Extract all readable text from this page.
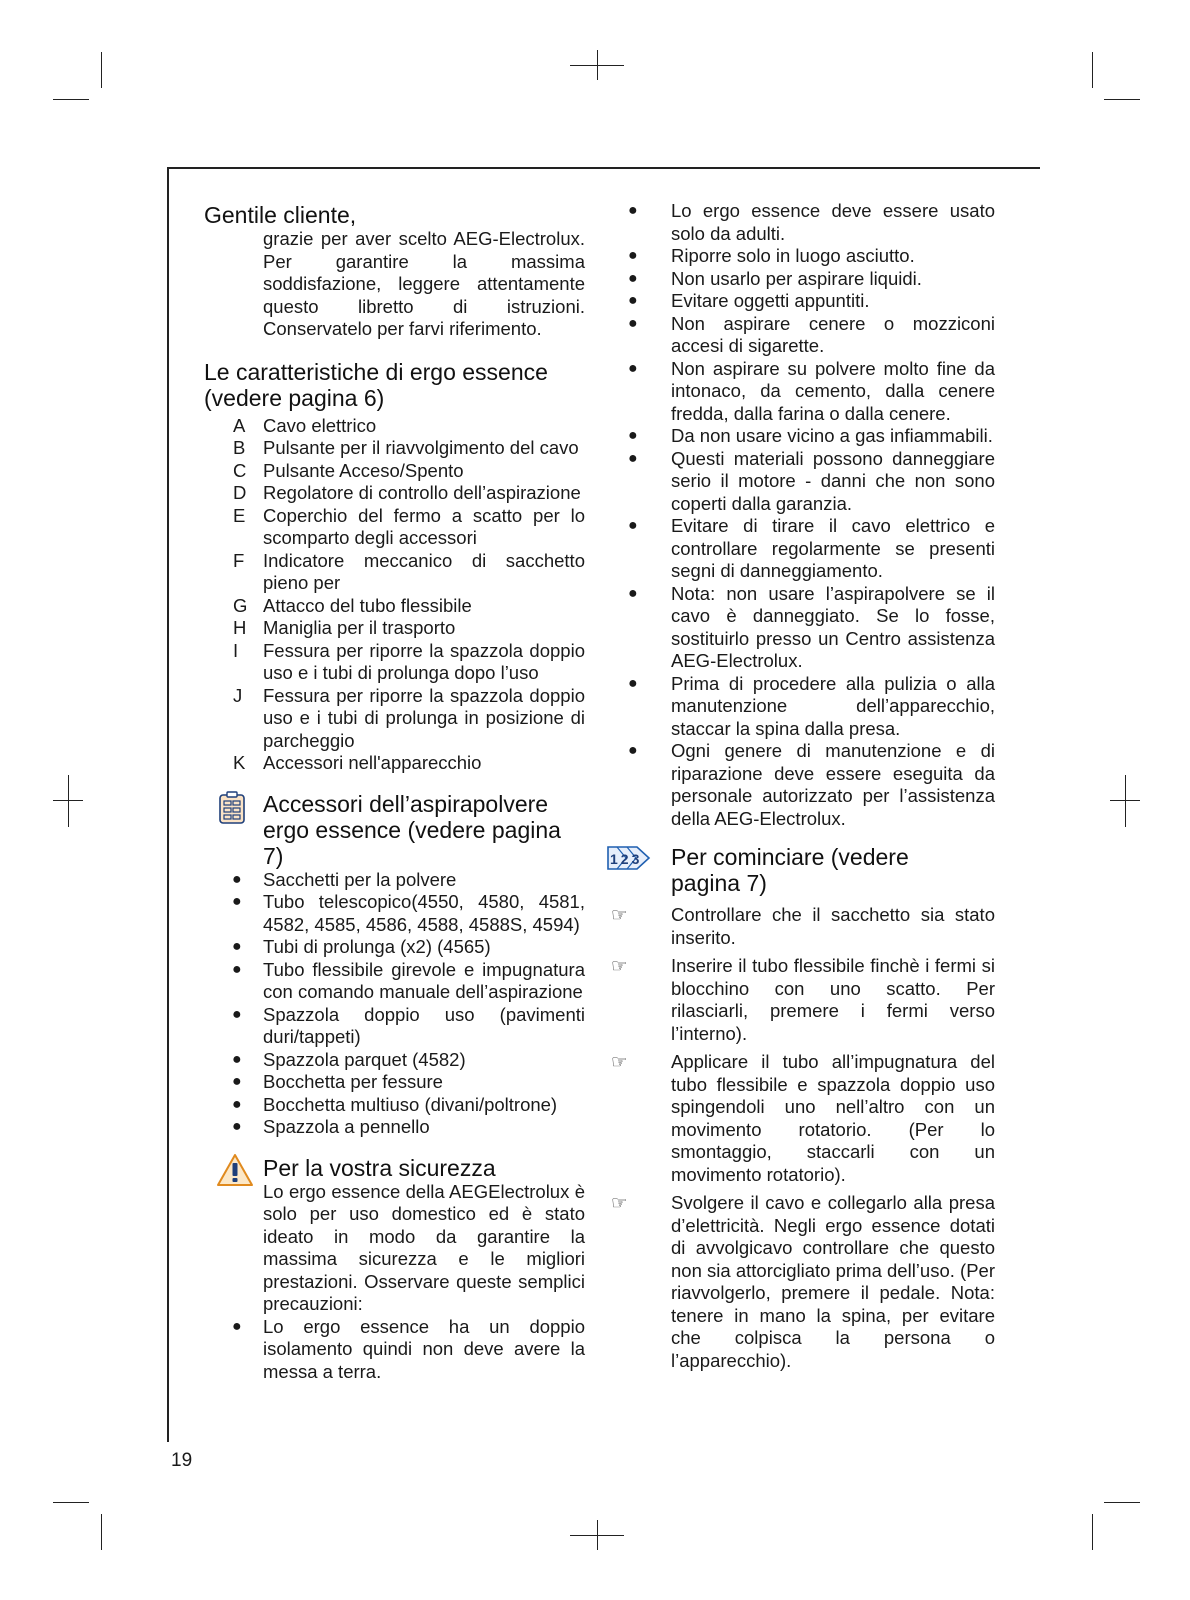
Gentile cliente,

grazie per aver scelto AEG-Electrolux. Per garantire la massima soddisfazione, leggere attentamente questo libretto di istruzioni. Conservatelo per farvi riferimento.

Le caratteristiche di ergo essence (vedere pagina 6)
A Cavo elettrico
B Pulsante per il riavvolgimento del cavo
C Pulsante Acceso/Spento
D Regolatore di controllo dell’aspirazione
E Coperchio del fermo a scatto per lo scomparto degli accessori
F	Indicatore meccanico di sacchetto pieno per
G Attacco del tubo flessibile
H Maniglia per il trasporto
I	Fessura per riporre la spazzola doppio uso e i tubi di prolunga dopo l’uso
J	Fessura per riporre la spazzola doppio uso e i tubi di prolunga in posizione di parcheggio
K Accessori nell'apparecchio
Accessori dell’aspirapolvere ergo essence (vedere pagina 7)
●	Sacchetti per la polvere
●	Tubo telescopico(4550, 4580, 4581, 4582, 4585, 4586, 4588, 4588S, 4594)
●	Tubi di prolunga (x2) (4565)
●	Tubo flessibile girevole e impugnatura con comando manuale dell’aspirazione
●	Spazzola doppio uso (pavimenti duri/tappeti)
●	Spazzola parquet (4582)
●	Bocchetta per fessure
●	Bocchetta multiuso (divani/poltrone)
●	Spazzola a pennello
Per la vostra sicurezza

Lo ergo essence della AEGElectrolux è solo per uso domestico ed è stato ideato in modo da garantire la massima sicurezza e le migliori prestazioni. Osservare queste semplici precauzioni:

●	Lo ergo essence ha un doppio isolamento quindi non deve avere la messa a terra.
●	Lo ergo essence deve essere usato solo da adulti.
●	Riporre solo in luogo asciutto.
●	Non usarlo per aspirare liquidi.
●	Evitare oggetti appuntiti.
●	Non aspirare cenere o mozziconi accesi di sigarette.
●	Non aspirare su polvere molto fine da intonaco, da cemento, dalla cenere fredda, dalla farina o dalla cenere.
●	Da non usare vicino a gas infiammabili.
●	Questi materiali possono danneggiare serio il motore - danni che non sono coperti dalla garanzia.
●	Evitare di tirare il cavo elettrico e controllare regolarmente se presenti segni di danneggiamento.
●	Nota: non usare l’aspirapolvere se il cavo è danneggiato. Se lo fosse, sostituirlo presso un Centro assistenza AEG-Electrolux.
●	Prima di procedere alla pulizia o alla manutenzione dell’apparecchio, staccar la spina dalla presa.
●	Ogni genere di manutenzione e di riparazione deve essere eseguita da personale autorizzato per l’assistenza della AEG-Electrolux.
123	Per cominciare (vedere pagina 7)
☞	Controllare che il sacchetto sia stato inserito.
☞	Inserire il tubo flessibile finchè i fermi si blocchino con uno scatto. Per rilasciarli, premere i fermi verso l’interno).
☞	Applicare il tubo all’impugnatura del tubo flessibile e spazzola doppio uso spingendoli uno nell’altro con un movimento rotatorio. (Per lo smontaggio, staccarli con un movimento rotatorio).
☞	Svolgere il cavo e collegarlo alla presa d’elettricità. Negli ergo essence dotati di avvolgicavo controllare che questo non sia attorcigliato prima dell’uso. (Per riavvolgerlo, premere il pedale. Nota: tenere in mano la spina, per evitare che colpisca la persona o l’apparecchio).
19
